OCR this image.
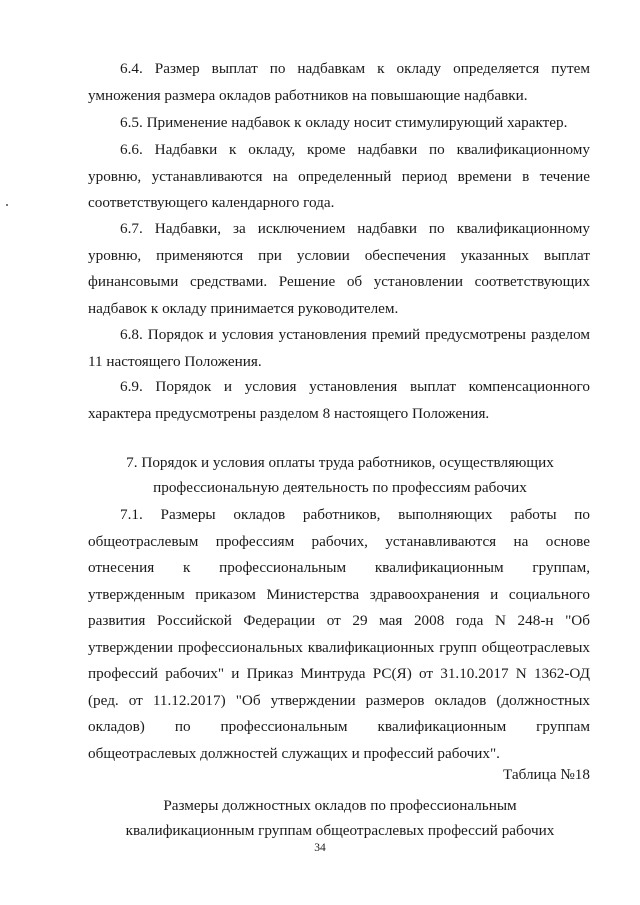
6.4. Размер выплат по надбавкам к окладу определяется путем умножения размера окладов работников на повышающие надбавки.

6.5. Применение надбавок к окладу носит стимулирующий характер.

6.6. Надбавки к окладу, кроме надбавки по квалификационному уровню, устанавливаются на определенный период времени в течение соответствующего календарного года.

6.7. Надбавки, за исключением надбавки по квалификационному уровню, применяются при условии обеспечения указанных выплат финансовыми средствами. Решение об установлении соответствующих надбавок к окладу принимается руководителем.

6.8. Порядок и условия установления премий предусмотрены разделом 11 настоящего Положения.

6.9. Порядок и условия установления выплат компенсационного характера предусмотрены разделом 8 настоящего Положения.

7. Порядок и условия оплаты труда работников, осуществляющих

профессиональную деятельность по профессиям рабочих

7.1. Размеры окладов работников, выполняющих работы по общеотраслевым профессиям рабочих, устанавливаются на основе отнесения к профессиональным квалификационным группам, утвержденным приказом Министерства здравоохранения и социального развития Российской Федерации от 29 мая 2008 года N 248-н "Об утверждении профессиональных квалификационных групп общеотраслевых профессий рабочих" и Приказ Минтруда РС(Я) от 31.10.2017 N 1362-ОД (ред. от 11.12.2017) "Об утверждении размеров окладов (должностных окладов) по профессиональным квалификационным группам общеотраслевых должностей служащих и профессий рабочих".

Таблица №18

Размеры должностных окладов по профессиональным

квалификационным группам общеотраслевых профессий рабочих

34
